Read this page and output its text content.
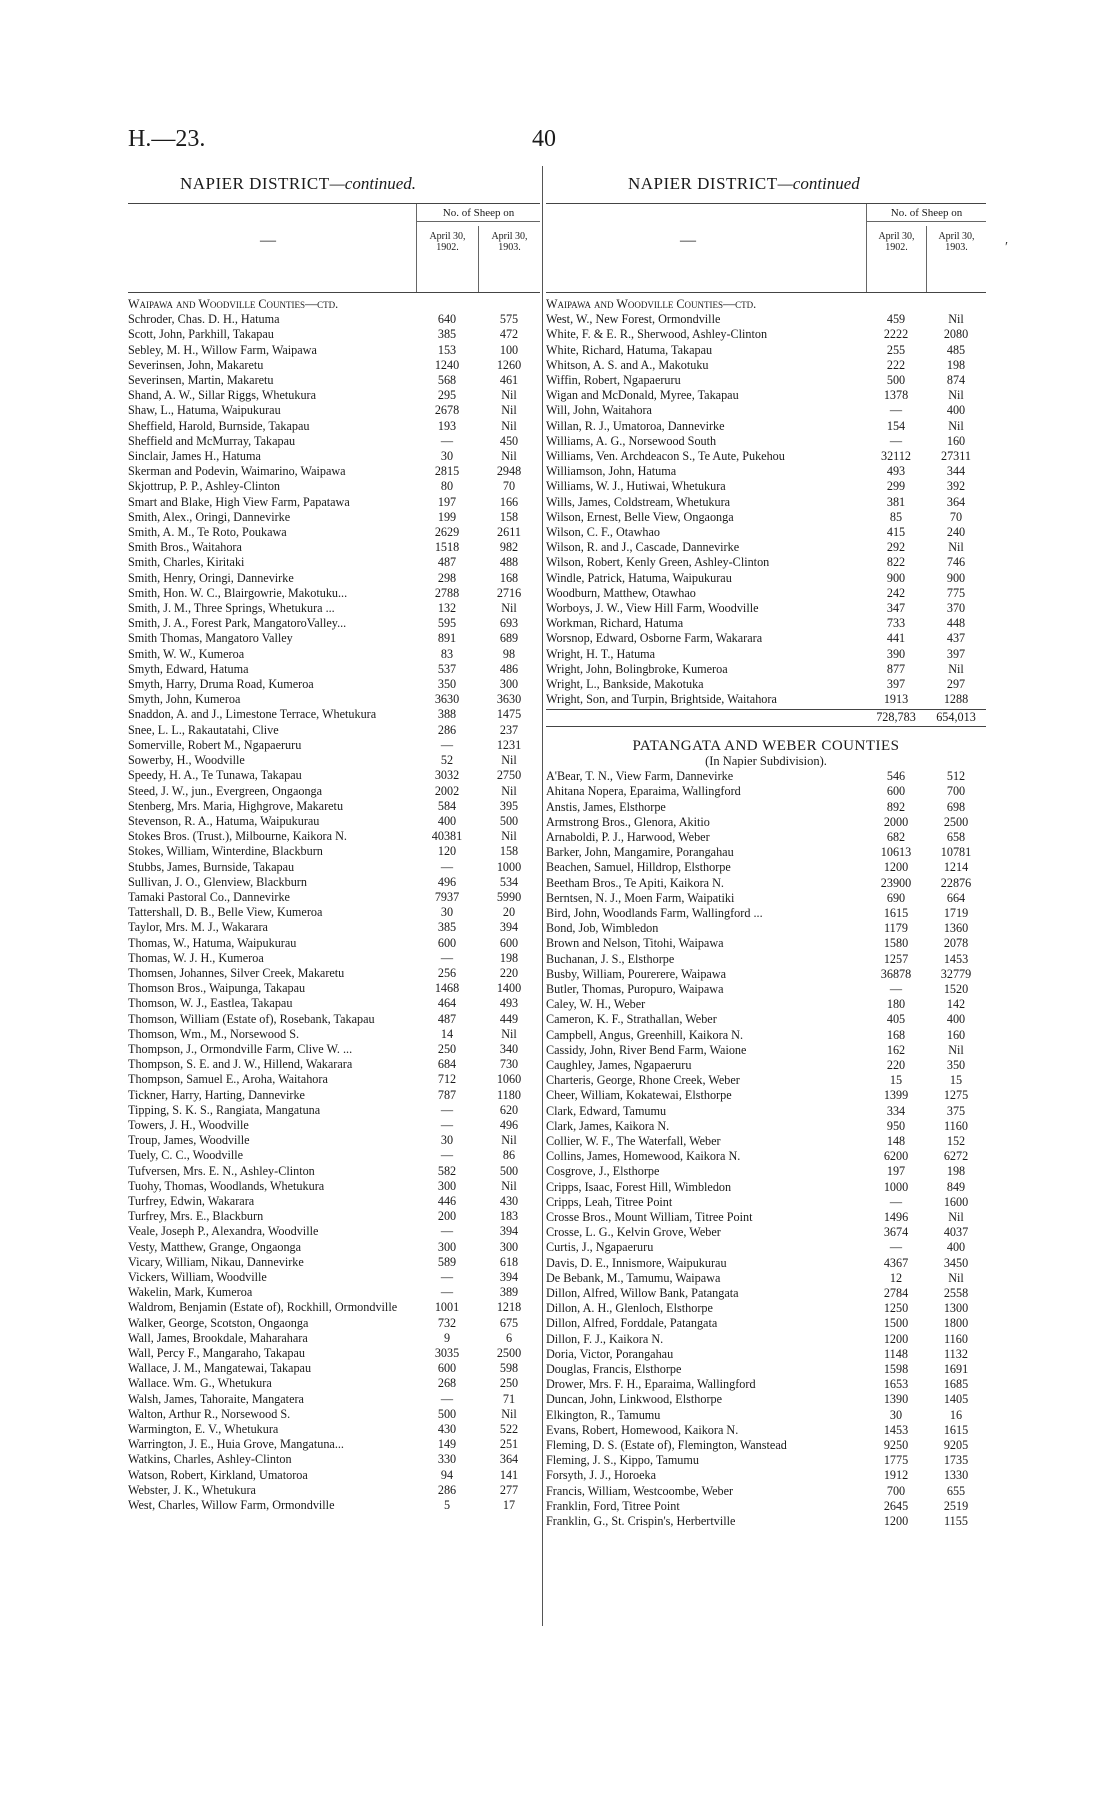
H.—23.	40
NAPIER DISTRICT—continued.	NAPIER DISTRICT—continued
—
No. of Sheep on
April 30, 1902.
April 30, 1903.
Waipawa and Woodville Counties—ctd.
Schroder, Chas. D. H., Hatuma	640	575
Scott, John, Parkhill, Takapau	385	472
Sebley, M. H., Willow Farm, Waipawa	153	100
Severinsen, John, Makaretu	1240	1260
Severinsen, Martin, Makaretu	568	461
Shand, A. W., Sillar Riggs, Whetukura	295	Nil
Shaw, L., Hatuma, Waipukurau	2678	Nil
Sheffield, Harold, Burnside, Takapau	193	Nil
Sheffield and McMurray, Takapau	—	450
Sinclair, James H., Hatuma	30	Nil
Skerman and Podevin, Waimarino, Waipawa	2815	2948
Skjottrup, P. P., Ashley-Clinton	80	70
Smart and Blake, High View Farm, Papatawa	197	166
Smith, Alex., Oringi, Dannevirke	199	158
Smith, A. M., Te Roto, Poukawa	2629	2611
Smith Bros., Waitahora	1518	982
Smith, Charles, Kiritaki	487	488
Smith, Henry, Oringi, Dannevirke	298	168
Smith, Hon. W. C., Blairgowrie, Makotuku...	2788	2716
Smith, J. M., Three Springs, Whetukura ...	132	Nil
Smith, J. A., Forest Park, MangatoroValley...	595	693
Smith Thomas, Mangatoro Valley	891	689
Smith, W. W., Kumeroa	83	98
Smyth, Edward, Hatuma	537	486
Smyth, Harry, Druma Road, Kumeroa	350	300
Smyth, John, Kumeroa	3630	3630
Snaddon, A. and J., Limestone Terrace, Whetukura	388	1475
Snee, L. L., Rakautatahi, Clive	286	237
Somerville, Robert M., Ngapaeruru	—	1231
Sowerby, H., Woodville	52	Nil
Speedy, H. A., Te Tunawa, Takapau	3032	2750
Steed, J. W., jun., Evergreen, Ongaonga	2002	Nil
Stenberg, Mrs. Maria, Highgrove, Makaretu	584	395
Stevenson, R. A., Hatuma, Waipukurau	400	500
Stokes Bros. (Trust.), Milbourne, Kaikora N.	40381	Nil
Stokes, William, Winterdine, Blackburn	120	158
Stubbs, James, Burnside, Takapau	—	1000
Sullivan, J. O., Glenview, Blackburn	496	534
Tamaki Pastoral Co., Dannevirke	7937	5990
Tattershall, D. B., Belle View, Kumeroa	30	20
Taylor, Mrs. M. J., Wakarara	385	394
Thomas, W., Hatuma, Waipukurau	600	600
Thomas, W. J. H., Kumeroa	—	198
Thomsen, Johannes, Silver Creek, Makaretu	256	220
Thomson Bros., Waipunga, Takapau	1468	1400
Thomson, W. J., Eastlea, Takapau	464	493
Thomson, William (Estate of), Rosebank, Takapau	487	449
Thomson, Wm., M., Norsewood S.	14	Nil
Thompson, J., Ormondville Farm, Clive W. ...	250	340
Thompson, S. E. and J. W., Hillend, Wakarara	684	730
Thompson, Samuel E., Aroha, Waitahora	712	1060
Tickner, Harry, Harting, Dannevirke	787	1180
Tipping, S. K. S., Rangiata, Mangatuna	—	620
Towers, J. H., Woodville	—	496
Troup, James, Woodville	30	Nil
Tuely, C. C., Woodville	—	86
Tufversen, Mrs. E. N., Ashley-Clinton	582	500
Tuohy, Thomas, Woodlands, Whetukura	300	Nil
Turfrey, Edwin, Wakarara	446	430
Turfrey, Mrs. E., Blackburn	200	183
Veale, Joseph P., Alexandra, Woodville	—	394
Vesty, Matthew, Grange, Ongaonga	300	300
Vicary, William, Nikau, Dannevirke	589	618
Vickers, William, Woodville	—	394
Wakelin, Mark, Kumeroa	—	389
Waldrom, Benjamin (Estate of), Rockhill, Ormondville	1001	1218
Walker, George, Scotston, Ongaonga	732	675
Wall, James, Brookdale, Maharahara	9	6
Wall, Percy F., Mangaraho, Takapau	3035	2500
Wallace, J. M., Mangatewai, Takapau	600	598
Wallace. Wm. G., Whetukura	268	250
Walsh, James, Tahoraite, Mangatera	—	71
Walton, Arthur R., Norsewood S.	500	Nil
Warmington, E. V., Whetukura	430	522
Warrington, J. E., Huia Grove, Mangatuna...	149	251
Watkins, Charles, Ashley-Clinton	330	364
Watson, Robert, Kirkland, Umatoroa	94	141
Webster, J. K., Whetukura	286	277
West, Charles, Willow Farm, Ormondville	5	17
—
No. of Sheep on
April 30, 1902.
April 30, 1903.
Waipawa and Woodville Counties—ctd.
West, W., New Forest, Ormondville	459	Nil
White, F. & E. R., Sherwood, Ashley-Clinton	2222	2080
White, Richard, Hatuma, Takapau	255	485
Whitson, A. S. and A., Makotuku	222	198
Wiffin, Robert, Ngapaeruru	500	874
Wigan and McDonald, Myree, Takapau	1378	Nil
Will, John, Waitahora	—	400
Willan, R. J., Umatoroa, Dannevirke	154	Nil
Williams, A. G., Norsewood South	—	160
Williams, Ven. Archdeacon S., Te Aute, Pukehou	32112	27311
Williamson, John, Hatuma	493	344
Williams, W. J., Hutiwai, Whetukura	299	392
Wills, James, Coldstream, Whetukura	381	364
Wilson, Ernest, Belle View, Ongaonga	85	70
Wilson, C. F., Otawhao	415	240
Wilson, R. and J., Cascade, Dannevirke	292	Nil
Wilson, Robert, Kenly Green, Ashley-Clinton	822	746
Windle, Patrick, Hatuma, Waipukurau	900	900
Woodburn, Matthew, Otawhao	242	775
Worboys, J. W., View Hill Farm, Woodville	347	370
Workman, Richard, Hatuma	733	448
Worsnop, Edward, Osborne Farm, Wakarara	441	437
Wright, H. T., Hatuma	390	397
Wright, John, Bolingbroke, Kumeroa	877	Nil
Wright, L., Bankside, Makotuka	397	297
Wright, Son, and Turpin, Brightside, Waitahora	1913	1288
728,783	654,013
PATANGATA AND WEBER COUNTIES
(In Napier Subdivision).
A'Bear, T. N., View Farm, Dannevirke	546	512
Ahitana Nopera, Eparaima, Wallingford	600	700
Anstis, James, Elsthorpe	892	698
Armstrong Bros., Glenora, Akitio	2000	2500
Arnaboldi, P. J., Harwood, Weber	682	658
Barker, John, Mangamire, Porangahau	10613	10781
Beachen, Samuel, Hilldrop, Elsthorpe	1200	1214
Beetham Bros., Te Apiti, Kaikora N.	23900	22876
Berntsen, N. J., Moen Farm, Waipatiki	690	664
Bird, John, Woodlands Farm, Wallingford ...	1615	1719
Bond, Job, Wimbledon	1179	1360
Brown and Nelson, Titohi, Waipawa	1580	2078
Buchanan, J. S., Elsthorpe	1257	1453
Busby, William, Pourerere, Waipawa	36878	32779
Butler, Thomas, Puropuro, Waipawa	—	1520
Caley, W. H., Weber	180	142
Cameron, K. F., Strathallan, Weber	405	400
Campbell, Angus, Greenhill, Kaikora N.	168	160
Cassidy, John, River Bend Farm, Waione	162	Nil
Caughley, James, Ngapaeruru	220	350
Charteris, George, Rhone Creek, Weber	15	15
Cheer, William, Kokatewai, Elsthorpe	1399	1275
Clark, Edward, Tamumu	334	375
Clark, James, Kaikora N.	950	1160
Collier, W. F., The Waterfall, Weber	148	152
Collins, James, Homewood, Kaikora N.	6200	6272
Cosgrove, J., Elsthorpe	197	198
Cripps, Isaac, Forest Hill, Wimbledon	1000	849
Cripps, Leah, Titree Point	—	1600
Crosse Bros., Mount William, Titree Point	1496	Nil
Crosse, L. G., Kelvin Grove, Weber	3674	4037
Curtis, J., Ngapaeruru	—	400
Davis, D. E., Innismore, Waipukurau	4367	3450
De Bebank, M., Tamumu, Waipawa	12	Nil
Dillon, Alfred, Willow Bank, Patangata	2784	2558
Dillon, A. H., Glenloch, Elsthorpe	1250	1300
Dillon, Alfred, Forddale, Patangata	1500	1800
Dillon, F. J., Kaikora N.	1200	1160
Doria, Victor, Porangahau	1148	1132
Douglas, Francis, Elsthorpe	1598	1691
Drower, Mrs. F. H., Eparaima, Wallingford	1653	1685
Duncan, John, Linkwood, Elsthorpe	1390	1405
Elkington, R., Tamumu	30	16
Evans, Robert, Homewood, Kaikora N.	1453	1615
Fleming, D. S. (Estate of), Flemington, Wanstead	9250	9205
Fleming, J. S., Kippo, Tamumu	1775	1735
Forsyth, J. J., Horoeka	1912	1330
Francis, William, Westcoombe, Weber	700	655
Franklin, Ford, Titree Point	2645	2519
Franklin, G., St. Crispin's, Herbertville	1200	1155
′
